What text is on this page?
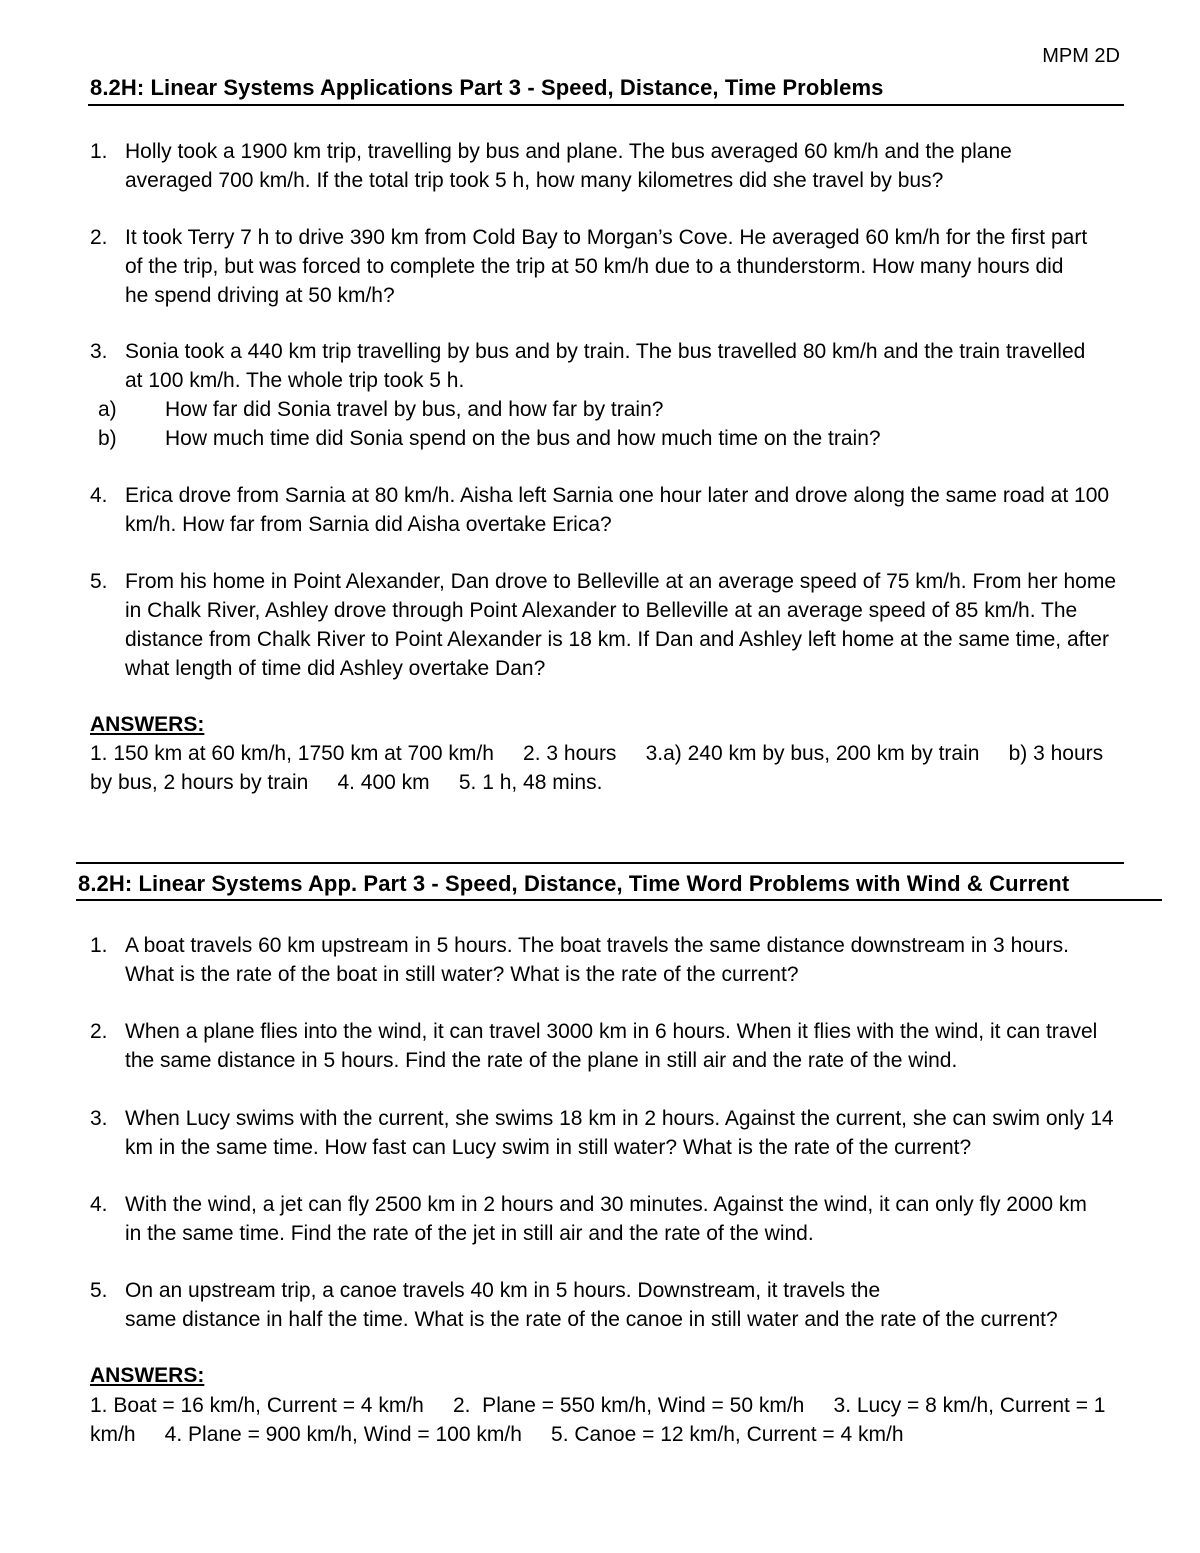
MPM 2D
8.2H: Linear Systems Applications Part 3 - Speed, Distance, Time Problems
1. Holly took a 1900 km trip, travelling by bus and plane. The bus averaged 60 km/h and the plane averaged 700 km/h. If the total trip took 5 h, how many kilometres did she travel by bus?
2. It took Terry 7 h to drive 390 km from Cold Bay to Morgan’s Cove. He averaged 60 km/h for the first part of the trip, but was forced to complete the trip at 50 km/h due to a thunderstorm. How many hours did he spend driving at 50 km/h?
3. Sonia took a 440 km trip travelling by bus and by train. The bus travelled 80 km/h and the train travelled at 100 km/h. The whole trip took 5 h.
a) How far did Sonia travel by bus, and how far by train?
b) How much time did Sonia spend on the bus and how much time on the train?
4. Erica drove from Sarnia at 80 km/h. Aisha left Sarnia one hour later and drove along the same road at 100 km/h. How far from Sarnia did Aisha overtake Erica?
5. From his home in Point Alexander, Dan drove to Belleville at an average speed of 75 km/h. From her home in Chalk River, Ashley drove through Point Alexander to Belleville at an average speed of 85 km/h. The distance from Chalk River to Point Alexander is 18 km. If Dan and Ashley left home at the same time, after what length of time did Ashley overtake Dan?
ANSWERS:
1. 150 km at 60 km/h, 1750 km at 700 km/h     2. 3 hours     3.a) 240 km by bus, 200 km by train     b) 3 hours by bus, 2 hours by train     4. 400 km     5. 1 h, 48 mins.
8.2H: Linear Systems App. Part 3 - Speed, Distance, Time Word Problems with Wind & Current
1. A boat travels 60 km upstream in 5 hours. The boat travels the same distance downstream in 3 hours. What is the rate of the boat in still water? What is the rate of the current?
2. When a plane flies into the wind, it can travel 3000 km in 6 hours. When it flies with the wind, it can travel the same distance in 5 hours. Find the rate of the plane in still air and the rate of the wind.
3. When Lucy swims with the current, she swims 18 km in 2 hours. Against the current, she can swim only 14 km in the same time. How fast can Lucy swim in still water? What is the rate of the current?
4. With the wind, a jet can fly 2500 km in 2 hours and 30 minutes. Against the wind, it can only fly 2000 km in the same time. Find the rate of the jet in still air and the rate of the wind.
5. On an upstream trip, a canoe travels 40 km in 5 hours. Downstream, it travels the
same distance in half the time. What is the rate of the canoe in still water and the rate of the current?
ANSWERS:
1. Boat = 16 km/h, Current = 4 km/h     2.  Plane = 550 km/h, Wind = 50 km/h     3. Lucy = 8 km/h, Current = 1 km/h     4. Plane = 900 km/h, Wind = 100 km/h     5. Canoe = 12 km/h, Current = 4 km/h
